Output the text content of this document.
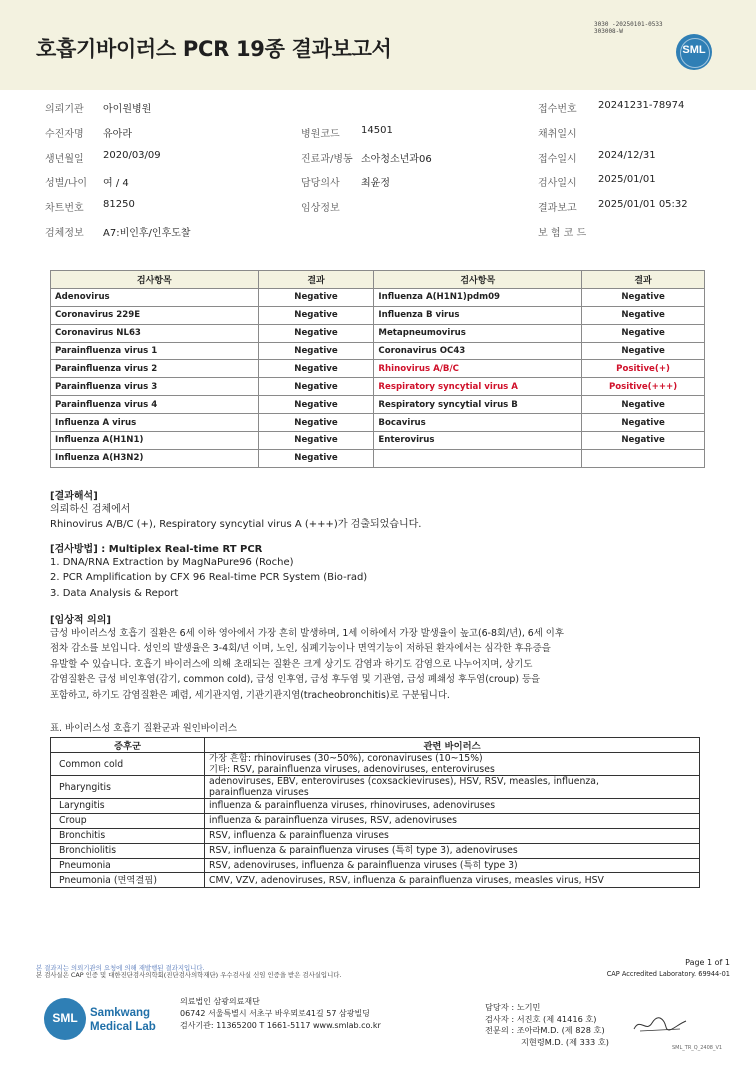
호흡기바이러스 PCR 19종 결과보고서
3030 -20250101-0533
303008-W
SML
의뢰기관 아이원병원	접수번호 20241231-78974
수진자명 유아라	병원코드 14501	채취일시
생년월일 2020/03/09	진료과/병동 소아청소년과06	접수일시 2024/12/31
성별/나이 여 / 4	담당의사 최윤정	검사일시 2025/01/01
차트번호 81250	임상정보	결과보고 2025/01/01 05:32
검체정보 A7:비인후/인후도찰	보 험 코 드
검사항목	결과	검사항목	결과
Adenovirus	Negative	Influenza A(H1N1)pdm09	Negative
Coronavirus 229E	Negative	Influenza B virus	Negative
Coronavirus NL63	Negative	Metapneumovirus	Negative
Parainfluenza virus 1	Negative	Coronavirus OC43	Negative
Parainfluenza virus 2	Negative	Rhinovirus A/B/C	Positive(+)
Parainfluenza virus 3	Negative	Respiratory syncytial virus A	Positive(+++)
Parainfluenza virus 4	Negative	Respiratory syncytial virus B	Negative
Influenza A virus	Negative	Bocavirus	Negative
Influenza A(H1N1)	Negative	Enterovirus	Negative
Influenza A(H3N2)	Negative		
[결과해석]
의뢰하신 검체에서
Rhinovirus A/B/C (+), Respiratory syncytial virus A (+++)가 검출되었습니다.
[검사방법] : Multiplex Real-time RT PCR
1. DNA/RNA Extraction by MagNaPure96 (Roche)
2. PCR Amplification by CFX 96 Real-time PCR System (Bio-rad)
3. Data Analysis & Report
[임상적 의의]
급성 바이러스성 호흡기 질환은 6세 이하 영아에서 가장 흔히 발생하며, 1세 이하에서 가장 발생율이 높고(6-8회/년), 6세 이후
점차 감소를 보입니다. 성인의 발생율은 3-4회/년 이며, 노인, 심폐기능이나 면역기능이 저하된 환자에서는 심각한 후유증을
유발할 수 있습니다. 호흡기 바이러스에 의해 초래되는 질환은 크게 상기도 감염과 하기도 감염으로 나누어지며, 상기도
감염질환은 급성 비인후염(감기, common cold), 급성 인후염, 급성 후두염 및 기관염, 급성 폐쇄성 후두염(croup) 등을
포함하고, 하기도 감염질환은 폐렴, 세기관지염, 기관기관지염(tracheobronchitis)로 구분됩니다.
표. 바이러스성 호흡기 질환군과 원인바이러스
증후군	관련 바이러스
Common cold	가장 흔함: rhinoviruses (30~50%), coronaviruses (10~15%)
기타: RSV, parainfluenza viruses, adenoviruses, enteroviruses

Pharyngitis	adenoviruses, EBV, enteroviruses (coxsackieviruses), HSV, RSV, measles, influenza,
parainfluenza viruses

Laryngitis	influenza & parainfluenza viruses, rhinoviruses, adenoviruses

Croup	influenza & parainfluenza viruses, RSV, adenoviruses

Bronchitis	RSV, influenza & parainfluenza viruses

Bronchiolitis	RSV, influenza & parainfluenza viruses (특히 type 3), adenoviruses

Pneumonia	RSV, adenoviruses, influenza & parainfluenza viruses (특히 type 3)

Pneumonia (면역결핍)	CMV, VZV, adenoviruses, RSV, influenza & parainfluenza viruses, measles virus, HSV
본 결과지는 의뢰기관의 요청에 의해 재발행된 결과지입니다.
본 검사실은 CAP 인증 및 대한진단검사의학회(진단검사의학재단) 우수검사실 신임 인증을 받은 검사실입니다.
Page 1 of 1
CAP Accredited Laboratory. 69944-01
SML	Samkwang
Medical Lab
의료법인 삼광의료재단
06742 서울특별시 서초구 바우뫼로41길 57 삼광빌딩
검사기관: 11365200 T 1661-5117 www.smlab.co.kr
담당자 : 노기민
검사자 : 서진호 (제 41416 호)
전문의 : 조아라M.D. (제 828 호)
지현령M.D. (제 333 호)
SML_TR_Q_2408_V1
